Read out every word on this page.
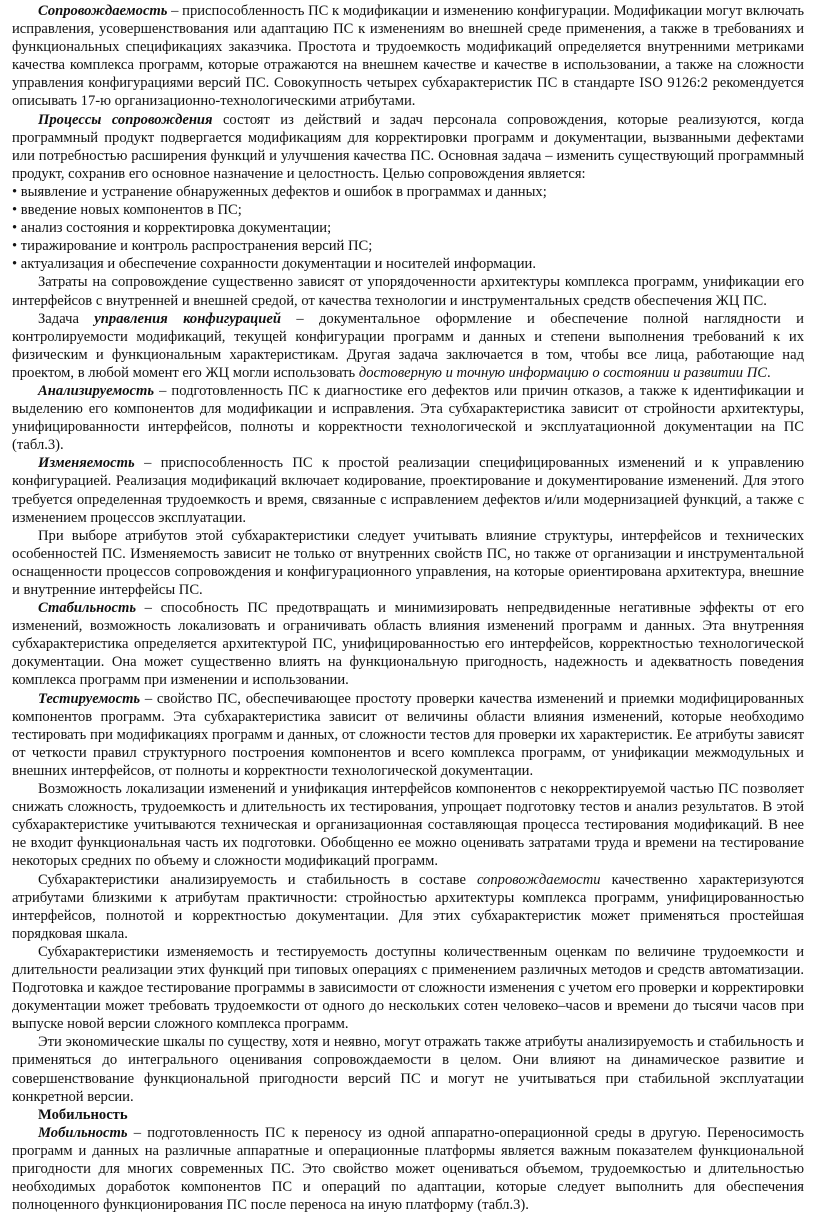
Сопровождаемость – приспособленность ПС к модификации и изменению конфигурации. Модификации могут включать исправления, усовершенствования или адаптацию ПС к изменениям во внешней среде применения, а также в требованиях и функциональных спецификациях заказчика. Простота и трудоемкость модификаций определяется внутренними метриками качества комплекса программ, которые отражаются на внешнем качестве и качестве в использовании, а также на сложности управления конфигурациями версий ПС. Совокупность четырех субхарактеристик ПС в стандарте ISO 9126:2 рекомендуется описывать 17-ю организационно-технологическими атрибутами.

Процессы сопровождения состоят из действий и задач персонала сопровождения, которые реализуются, когда программный продукт подвергается модификациям для корректировки программ и документации, вызванными дефектами или потребностью расширения функций и улучшения качества ПС. Основная задача – изменить существующий программный продукт, сохранив его основное назначение и целостность. Целью сопровождения является:

• выявление и устранение обнаруженных дефектов и ошибок в программах и данных;
• введение новых компонентов в ПС;
• анализ состояния и корректировка документации;
• тиражирование и контроль распространения версий ПС;
• актуализация и обеспечение сохранности документации и носителей информации.

Затраты на сопровождение существенно зависят от упорядоченности архитектуры комплекса программ, унификации его интерфейсов с внутренней и внешней средой, от качества технологии и инструментальных средств обеспечения ЖЦ ПС.

Задача управления конфигурацией – документальное оформление и обеспечение полной наглядности и контролируемости модификаций, текущей конфигурации программ и данных и степени выполнения требований к их физическим и функциональным характеристикам. Другая задача заключается в том, чтобы все лица, работающие над проектом, в любой момент его ЖЦ могли использовать достоверную и точную информацию о состоянии и развитии ПС.

Анализируемость – подготовленность ПС к диагностике его дефектов или причин отказов, а также к идентификации и выделению его компонентов для модификации и исправления. Эта субхарактеристика зависит от стройности архитектуры, унифицированности интерфейсов, полноты и корректности технологической и эксплуатационной документации на ПС (табл.3).

Изменяемость – приспособленность ПС к простой реализации специфицированных изменений и к управлению конфигурацией. Реализация модификаций включает кодирование, проектирование и документирование изменений. Для этого требуется определенная трудоемкость и время, связанные с исправлением дефектов и/или модернизацией функций, а также с изменением процессов эксплуатации.

При выборе атрибутов этой субхарактеристики следует учитывать влияние структуры, интерфейсов и технических особенностей ПС. Изменяемость зависит не только от внутренних свойств ПС, но также от организации и инструментальной оснащенности процессов сопровождения и конфигурационного управления, на которые ориентирована архитектура, внешние и внутренние интерфейсы ПС.

Стабильность – способность ПС предотвращать и минимизировать непредвиденные негативные эффекты от его изменений, возможность локализовать и ограничивать область влияния изменений программ и данных. Эта внутренняя субхарактеристика определяется архитектурой ПС, унифицированностью его интерфейсов, корректностью технологической документации. Она может существенно влиять на функциональную пригодность, надежность и адекватность поведения комплекса программ при изменении и использовании.

Тестируемость – свойство ПС, обеспечивающее простоту проверки качества изменений и приемки модифицированных компонентов программ. Эта субхарактеристика зависит от величины области влияния изменений, которые необходимо тестировать при модификациях программ и данных, от сложности тестов для проверки их характеристик. Ее атрибуты зависят от четкости правил структурного построения компонентов и всего комплекса программ, от унификации межмодульных и внешних интерфейсов, от полноты и корректности технологической документации.

Возможность локализации изменений и унификация интерфейсов компонентов с некорректируемой частью ПС позволяет снижать сложность, трудоемкость и длительность их тестирования, упрощает подготовку тестов и анализ результатов. В этой субхарактеристике учитываются техническая и организационная составляющая процесса тестирования модификаций. В нее не входит функциональная часть их подготовки. Обобщенно ее можно оценивать затратами труда и времени на тестирование некоторых средних по объему и сложности модификаций программ.

Субхарактеристики анализируемость и стабильность в составе сопровождаемости качественно характеризуются атрибутами близкими к атрибутам практичности: стройностью архитектуры комплекса программ, унифицированностью интерфейсов, полнотой и корректностью документации. Для этих субхарактеристик может применяться простейшая порядковая шкала.

Субхарактеристики изменяемость и тестируемость доступны количественным оценкам по величине трудоемкости и длительности реализации этих функций при типовых операциях с применением различных методов и средств автоматизации. Подготовка и каждое тестирование программы в зависимости от сложности изменения с учетом его проверки и корректировки документации может требовать трудоемкости от одного до нескольких сотен человеко–часов и времени до тысячи часов при выпуске новой версии сложного комплекса программ.

Эти экономические шкалы по существу, хотя и неявно, могут отражать также атрибуты анализируемость и стабильность и применяться до интегрального оценивания сопровождаемости в целом. Они влияют на динамическое развитие и совершенствование функциональной пригодности версий ПС и могут не учитываться при стабильной эксплуатации конкретной версии.

Мобильность

Мобильность – подготовленность ПС к переносу из одной аппаратно-операционной среды в другую. Переносимость программ и данных на различные аппаратные и операционные платформы является важным показателем функциональной пригодности для многих современных ПС. Это свойство может оцениваться объемом, трудоемкостью и длительностью необходимых доработок компонентов ПС и операций по адаптации, которые следует выполнить для обеспечения полноценного функционирования ПС после переноса на иную платформу (табл.3).
